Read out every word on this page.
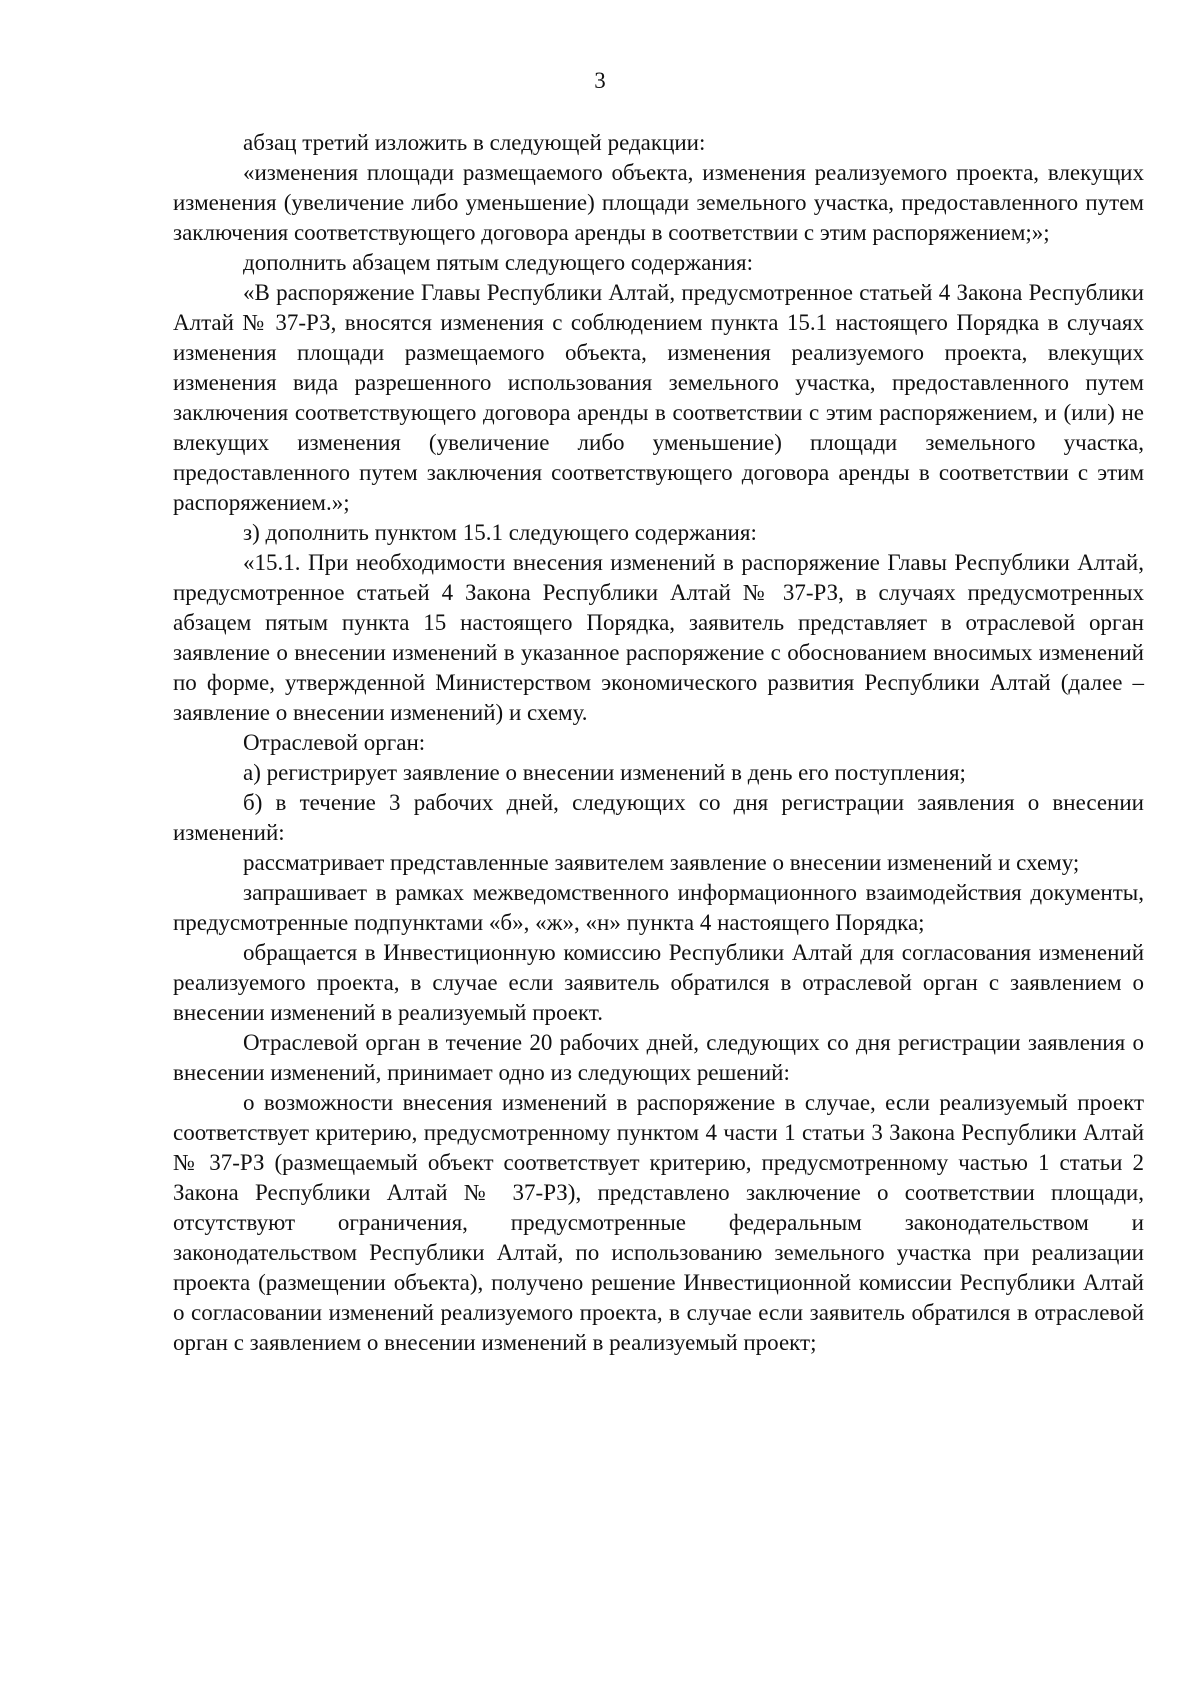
3

абзац третий изложить в следующей редакции:

«изменения площади размещаемого объекта, изменения реализуемого проекта, влекущих изменения (увеличение либо уменьшение) площади земельного участка, предоставленного путем заключения соответствующего договора аренды в соответствии с этим распоряжением;»;

дополнить абзацем пятым следующего содержания:

«В распоряжение Главы Республики Алтай, предусмотренное статьей 4 Закона Республики Алтай № 37-РЗ, вносятся изменения с соблюдением пункта 15.1 настоящего Порядка в случаях изменения площади размещаемого объекта, изменения реализуемого проекта, влекущих изменения вида разрешенного использования земельного участка, предоставленного путем заключения соответствующего договора аренды в соответствии с этим распоряжением, и (или) не влекущих изменения (увеличение либо уменьшение) площади земельного участка, предоставленного путем заключения соответствующего договора аренды в соответствии с этим распоряжением.»;

з) дополнить пунктом 15.1 следующего содержания:

«15.1. При необходимости внесения изменений в распоряжение Главы Республики Алтай, предусмотренное статьей 4 Закона Республики Алтай № 37-РЗ, в случаях предусмотренных абзацем пятым пункта 15 настоящего Порядка, заявитель представляет в отраслевой орган заявление о внесении изменений в указанное распоряжение с обоснованием вносимых изменений по форме, утвержденной Министерством экономического развития Республики Алтай (далее – заявление о внесении изменений) и схему.

Отраслевой орган:

а) регистрирует заявление о внесении изменений в день его поступления;

б) в течение 3 рабочих дней, следующих со дня регистрации заявления о внесении изменений:

рассматривает представленные заявителем заявление о внесении изменений и схему;

запрашивает в рамках межведомственного информационного взаимодействия документы, предусмотренные подпунктами «б», «ж», «н» пункта 4 настоящего Порядка;

обращается в Инвестиционную комиссию Республики Алтай для согласования изменений реализуемого проекта, в случае если заявитель обратился в отраслевой орган с заявлением о внесении изменений в реализуемый проект.

Отраслевой орган в течение 20 рабочих дней, следующих со дня регистрации заявления о внесении изменений, принимает одно из следующих решений:

о возможности внесения изменений в распоряжение в случае, если реализуемый проект соответствует критерию, предусмотренному пунктом 4 части 1 статьи 3 Закона Республики Алтай № 37-РЗ (размещаемый объект соответствует критерию, предусмотренному частью 1 статьи 2 Закона Республики Алтай № 37-РЗ), представлено заключение о соответствии площади, отсутствуют ограничения, предусмотренные федеральным законодательством и законодательством Республики Алтай, по использованию земельного участка при реализации проекта (размещении объекта), получено решение Инвестиционной комиссии Республики Алтай о согласовании изменений реализуемого проекта, в случае если заявитель обратился в отраслевой орган с заявлением о внесении изменений в реализуемый проект;
